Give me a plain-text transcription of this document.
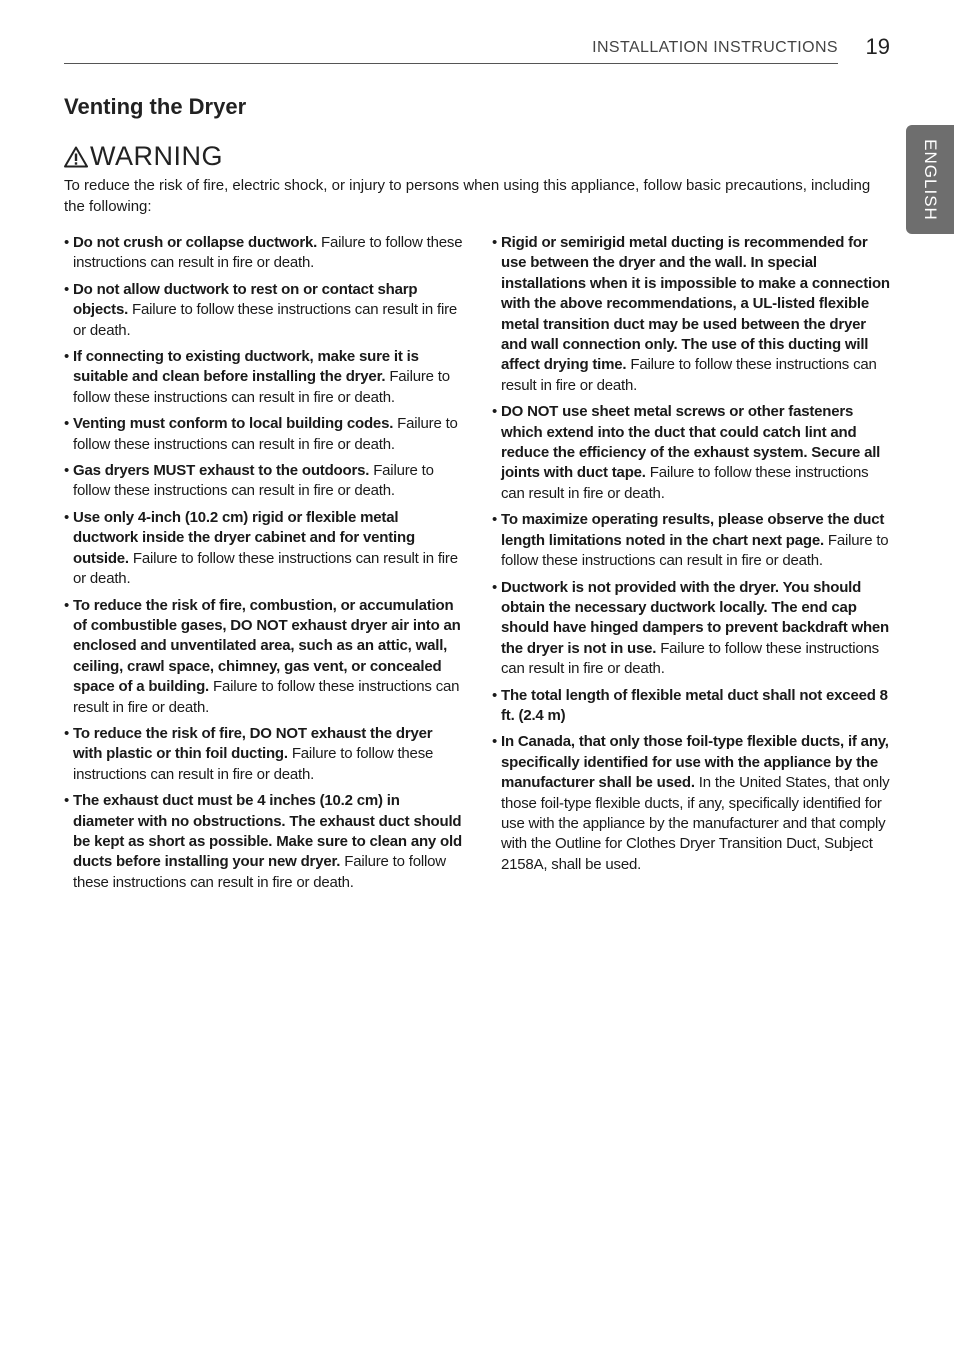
INSTALLATION INSTRUCTIONS 19
Venting the Dryer
WARNING

To reduce the risk of fire, electric shock, or injury to persons when using this appliance, follow basic precautions, including the following:

• Do not crush or collapse ductwork. Failure to follow these instructions can result in fire or death.
• Do not allow ductwork to rest on or contact sharp objects. Failure to follow these instructions can result in fire or death.
• If connecting to existing ductwork, make sure it is suitable and clean before installing the dryer. Failure to follow these instructions can result in fire or death.
• Venting must conform to local building codes. Failure to follow these instructions can result in fire or death.
• Gas dryers MUST exhaust to the outdoors. Failure to follow these instructions can result in fire or death.
• Use only 4-inch (10.2 cm) rigid or flexible metal ductwork inside the dryer cabinet and for venting outside. Failure to follow these instructions can result in fire or death.
• To reduce the risk of fire, combustion, or accumulation of combustible gases, DO NOT exhaust dryer air into an enclosed and unventilated area, such as an attic, wall, ceiling, crawl space, chimney, gas vent, or concealed space of a building. Failure to follow these instructions can result in fire or death.
• To reduce the risk of fire, DO NOT exhaust the dryer with plastic or thin foil ducting. Failure to follow these instructions can result in fire or death.
• The exhaust duct must be 4 inches (10.2 cm) in diameter with no obstructions. The exhaust duct should be kept as short as possible. Make sure to clean any old ducts before installing your new dryer. Failure to follow these instructions can result in fire or death.
• Rigid or semirigid metal ducting is recommended for use between the dryer and the wall. In special installations when it is impossible to make a connection with the above recommendations, a UL-listed flexible metal transition duct may be used between the dryer and wall connection only. The use of this ducting will affect drying time. Failure to follow these instructions can result in fire or death.
• DO NOT use sheet metal screws or other fasteners which extend into the duct that could catch lint and reduce the efficiency of the exhaust system. Secure all joints with duct tape. Failure to follow these instructions can result in fire or death.
• To maximize operating results, please observe the duct length limitations noted in the chart next page. Failure to follow these instructions can result in fire or death.
• Ductwork is not provided with the dryer. You should obtain the necessary ductwork locally. The end cap should have hinged dampers to prevent backdraft when the dryer is not in use. Failure to follow these instructions can result in fire or death.
• The total length of flexible metal duct shall not exceed 8 ft. (2.4 m)
• In Canada, that only those foil-type flexible ducts, if any, specifically identified for use with the appliance by the manufacturer shall be used. In the United States, that only those foil-type flexible ducts, if any, specifically identified for use with the appliance by the manufacturer and that comply with the Outline for Clothes Dryer Transition Duct, Subject 2158A, shall be used.
ENGLISH
